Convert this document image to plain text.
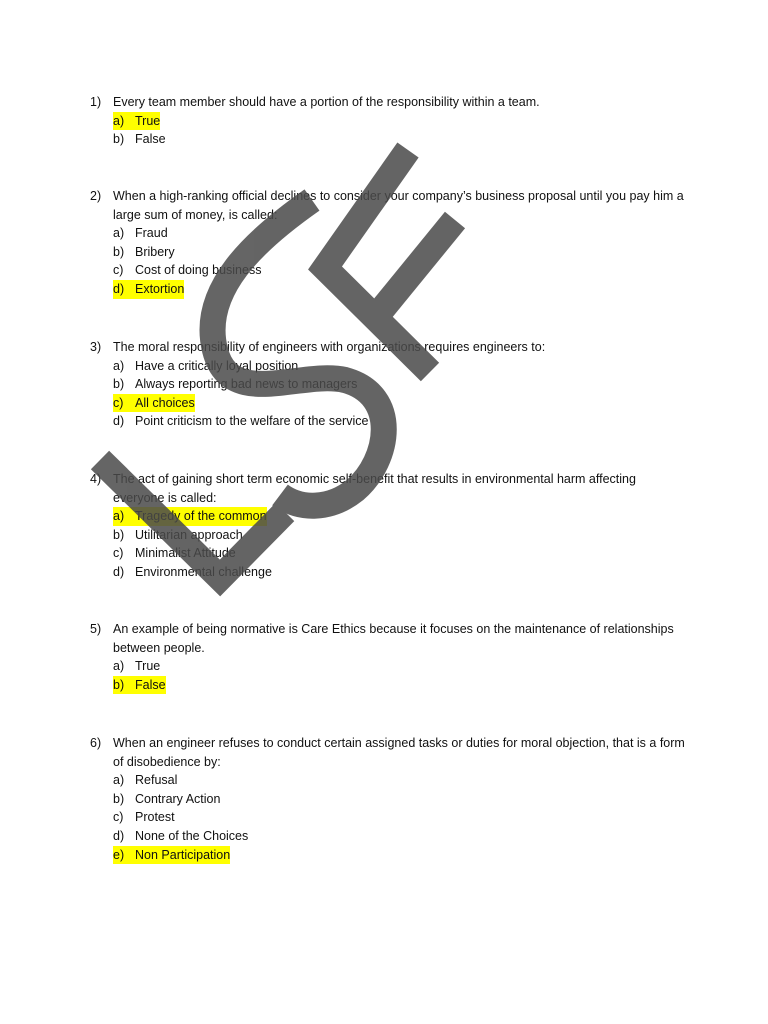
1) Every team member should have a portion of the responsibility within a team.
a) True
b) False
2) When a high-ranking official declines to consider your company’s business proposal until you pay him a large sum of money, is called:
a) Fraud
b) Bribery
c) Cost of doing business
d) Extortion
3) The moral responsibility of engineers with organizations requires engineers to:
a) Have a critically loyal position
b) Always reporting bad news to managers
c) All choices
d) Point criticism to the welfare of the service
4) The act of gaining short term economic self-benefit that results in environmental harm affecting everyone is called:
a) Tragedy of the common
b) Utilitarian approach
c) Minimalist Attitude
d) Environmental challenge
5) An example of being normative is Care Ethics because it focuses on the maintenance of relationships between people.
a) True
b) False
6) When an engineer refuses to conduct certain assigned tasks or duties for moral objection, that is a form of disobedience by:
a) Refusal
b) Contrary Action
c) Protest
d) None of the Choices
e) Non Participation
